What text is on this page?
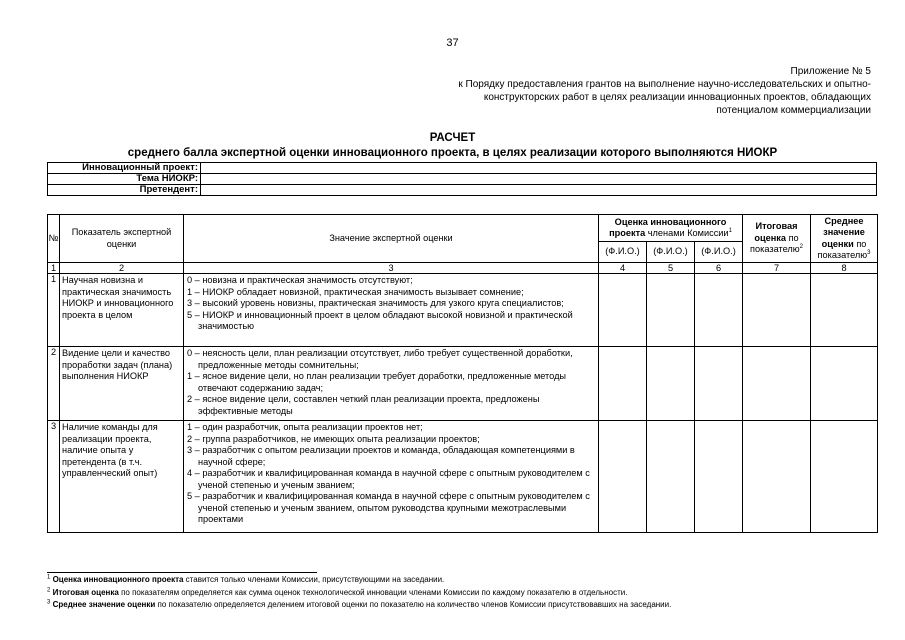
37
Приложение № 5
к Порядку предоставления грантов на выполнение научно-исследовательских и опытно-
конструкторских работ в целях реализации инновационных проектов, обладающих
потенциалом коммерциализации
РАСЧЕТ
среднего балла экспертной оценки инновационного проекта, в целях реализации которого выполняются НИОКР
Инновационный проект:	
Тема НИОКР:	
Претендент:	
№	Показатель экспертной оценки	Значение экспертной оценки	Оценка инновационного проекта членами Комиссии$^1$			Итоговая оценка по показателю$^2$	Среднее значение оценки по показателю$^3$
			(Ф.И.О.)	(Ф.И.О.)	(Ф.И.О.)		
1	2	3	4	5	6	7	8
1	Научная новизна и практическая значимость НИОКР и инновационного проекта в целом	0 – новизна и практическая значимость отсутствуют;
1 – НИОКР обладает новизной, практическая значимость вызывает сомнение;
3 – высокий уровень новизны, практическая значимость для узкого круга специалистов;
5 – НИОКР и инновационный проект в целом обладают высокой новизной и практической значимостью					

2	Видение цели и качество проработки задач (плана) выполнения НИОКР	0 – неясность цели, план реализации отсутствует, либо требует существенной доработки, предложенные методы сомнительны;
1 – ясное видение цели, но план реализации требует доработки, предложенные методы отвечают содержанию задач;
2 – ясное видение цели, составлен четкий план реализации проекта, предложены эффективные методы					

3	Наличие команды для реализации проекта, наличие опыта у претендента (в т.ч. управленческий опыт)	1 – один разработчик, опыта реализации проектов нет;
2 – группа разработчиков, не имеющих опыта реализации проектов;
3 – разработчик с опытом реализации проектов и команда, обладающая компетенциями в научной сфере;
4 – разработчик и квалифицированная команда в научной сфере с опытным руководителем с ученой степенью и ученым званием;
5 – разработчик и квалифицированная команда в научной сфере с опытным руководителем с ученой степенью и ученым званием, опытом руководства крупными межотраслевыми проектами					

$^1$ Оценка инновационного проекта ставится только членами Комиссии, присутствующими на заседании.
$^2$ Итоговая оценка по показателям определяется как сумма оценок технологической инновации членами Комиссии по каждому показателю в отдельности.
$^3$ Среднее значение оценки по показателю определяется делением итоговой оценки по показателю на количество членов Комиссии присутствовавших на заседании.
